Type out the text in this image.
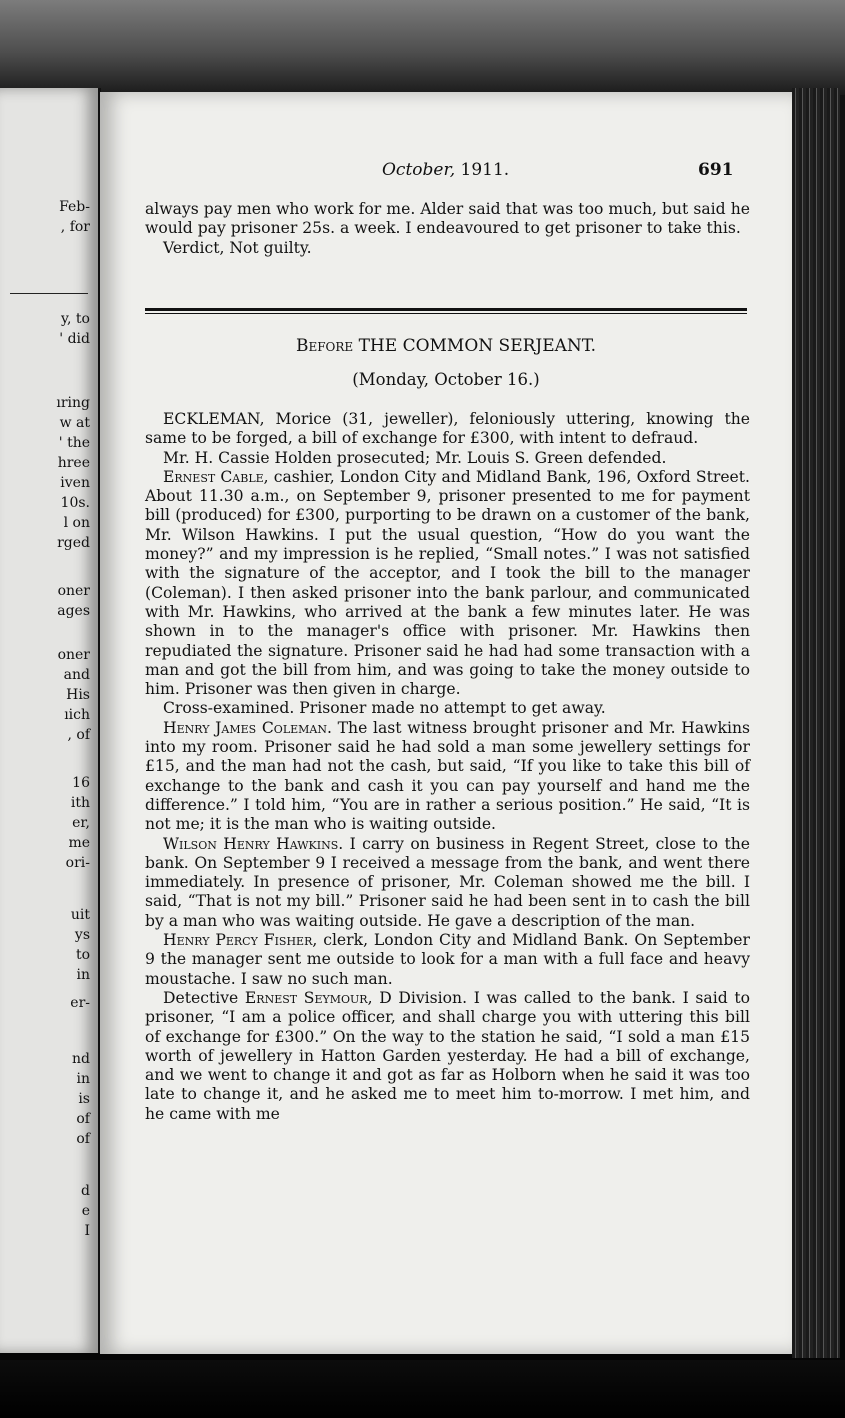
Feb-
, for
y, to
' did
ıring
w at
' the
hree
iven
10s.
l on
rged
oner
ages
oner
and
His
ıich
, of
16
ith
er,
me
ori-
uit
ys
to
in
er-
nd
in
is
of
of
d
e
I
October, 1911.	691

always pay men who work for me. Alder said that was too much, but said he would pay prisoner 25s. a week. I endeavoured to get prisoner to take this.

Verdict, Not guilty.

Before THE COMMON SERJEANT.
(Monday, October 16.)

ECKLEMAN, Morice (31, jeweller), feloniously uttering, knowing the same to be forged, a bill of exchange for £300, with intent to defraud.

Mr. H. Cassie Holden prosecuted; Mr. Louis S. Green defended.

Ernest Cable, cashier, London City and Midland Bank, 196, Oxford Street. About 11.30 a.m., on September 9, prisoner presented to me for payment bill (produced) for £300, purporting to be drawn on a customer of the bank, Mr. Wilson Hawkins. I put the usual question, “How do you want the money?” and my impression is he replied, “Small notes.” I was not satisfied with the signature of the acceptor, and I took the bill to the manager (Coleman). I then asked prisoner into the bank parlour, and communicated with Mr. Hawkins, who arrived at the bank a few minutes later. He was shown in to the manager's office with prisoner. Mr. Hawkins then repudiated the signature. Prisoner said he had had some transaction with a man and got the bill from him, and was going to take the money outside to him. Prisoner was then given in charge.

Cross-examined. Prisoner made no attempt to get away.

Henry James Coleman. The last witness brought prisoner and Mr. Hawkins into my room. Prisoner said he had sold a man some jewellery settings for £15, and the man had not the cash, but said, “If you like to take this bill of exchange to the bank and cash it you can pay yourself and hand me the difference.” I told him, “You are in rather a serious position.” He said, “It is not me; it is the man who is waiting outside.

Wilson Henry Hawkins. I carry on business in Regent Street, close to the bank. On September 9 I received a message from the bank, and went there immediately. In presence of prisoner, Mr. Coleman showed me the bill. I said, “That is not my bill.” Prisoner said he had been sent in to cash the bill by a man who was waiting outside. He gave a description of the man.

Henry Percy Fisher, clerk, London City and Midland Bank. On September 9 the manager sent me outside to look for a man with a full face and heavy moustache. I saw no such man.

Detective Ernest Seymour, D Division. I was called to the bank. I said to prisoner, “I am a police officer, and shall charge you with uttering this bill of exchange for £300.” On the way to the station he said, “I sold a man £15 worth of jewellery in Hatton Garden yesterday. He had a bill of exchange, and we went to change it and got as far as Holborn when he said it was too late to change it, and he asked me to meet him to-morrow. I met him, and he came with me
